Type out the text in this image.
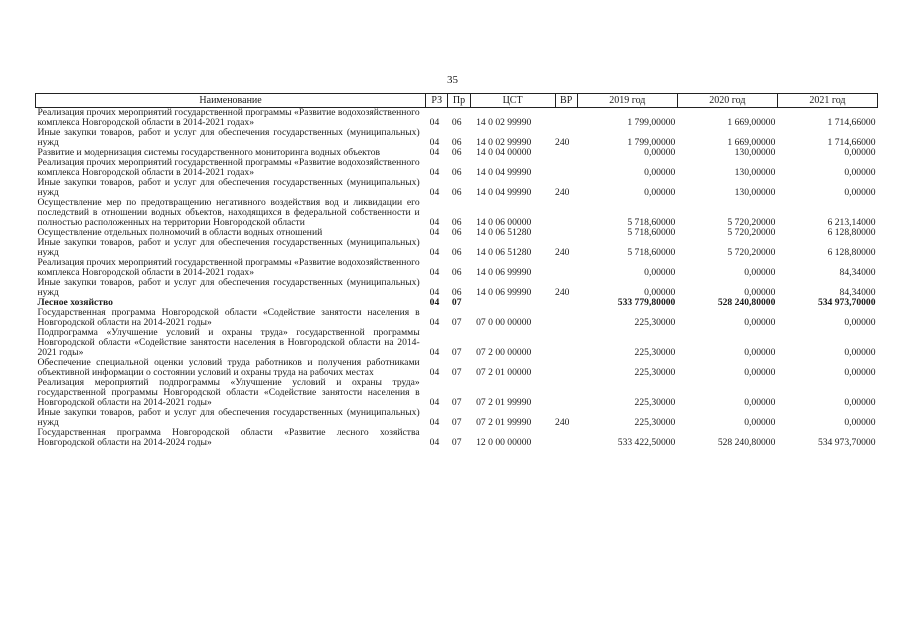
35
Наименование	РЗ	Пр	ЦСТ	ВР	2019 год	2020 год	2021 год
Реализация прочих мероприятий государственной программы «Развитие водохозяйственного комплекса Новгородской области в 2014-2021 годах»	04	06	14 0 02 99990		1 799,00000	1 669,00000	1 714,66000
Иные закупки товаров, работ и услуг для обеспечения государственных (муниципальных) нужд	04	06	14 0 02 99990	240	1 799,00000	1 669,00000	1 714,66000
Развитие и модернизация системы государственного мониторинга водных объектов	04	06	14 0 04 00000		0,00000	130,00000	0,00000
Реализация прочих мероприятий государственной программы «Развитие водохозяйственного комплекса Новгородской области в 2014-2021 годах»	04	06	14 0 04 99990		0,00000	130,00000	0,00000
Иные закупки товаров, работ и услуг для обеспечения государственных (муниципальных) нужд	04	06	14 0 04 99990	240	0,00000	130,00000	0,00000
Осуществление мер по предотвращению негативного воздействия вод и ликвидации его последствий в отношении водных объектов, находящихся в федеральной собственности и полностью расположенных на территории Новгородской области	04	06	14 0 06 00000		5 718,60000	5 720,20000	6 213,14000
Осуществление отдельных полномочий в области водных отношений	04	06	14 0 06 51280		5 718,60000	5 720,20000	6 128,80000
Иные закупки товаров, работ и услуг для обеспечения государственных (муниципальных) нужд	04	06	14 0 06 51280	240	5 718,60000	5 720,20000	6 128,80000
Реализация прочих мероприятий государственной программы «Развитие водохозяйственного комплекса Новгородской области в 2014-2021 годах»	04	06	14 0 06 99990		0,00000	0,00000	84,34000
Иные закупки товаров, работ и услуг для обеспечения государственных (муниципальных) нужд	04	06	14 0 06 99990	240	0,00000	0,00000	84,34000
Лесное хозяйство	04	07			533 779,80000	528 240,80000	534 973,70000
Государственная программа Новгородской области «Содействие занятости населения в Новгородской области на 2014-2021 годы»	04	07	07 0 00 00000		225,30000	0,00000	0,00000
Подпрограмма «Улучшение условий и охраны труда» государственной программы Новгородской области «Содействие занятости населения в Новгородской области на 2014-2021 годы»	04	07	07 2 00 00000		225,30000	0,00000	0,00000
Обеспечение специальной оценки условий труда работников и получения работниками объективной информации о состоянии условий и охраны труда на рабочих местах	04	07	07 2 01 00000		225,30000	0,00000	0,00000
Реализация мероприятий подпрограммы «Улучшение условий и охраны труда» государственной программы Новгородской области «Содействие занятости населения в Новгородской области на 2014-2021 годы»	04	07	07 2 01 99990		225,30000	0,00000	0,00000
Иные закупки товаров, работ и услуг для обеспечения государственных (муниципальных) нужд	04	07	07 2 01 99990	240	225,30000	0,00000	0,00000
Государственная программа Новгородской области «Развитие лесного хозяйства Новгородской области на 2014-2024 годы»	04	07	12 0 00 00000		533 422,50000	528 240,80000	534 973,70000
